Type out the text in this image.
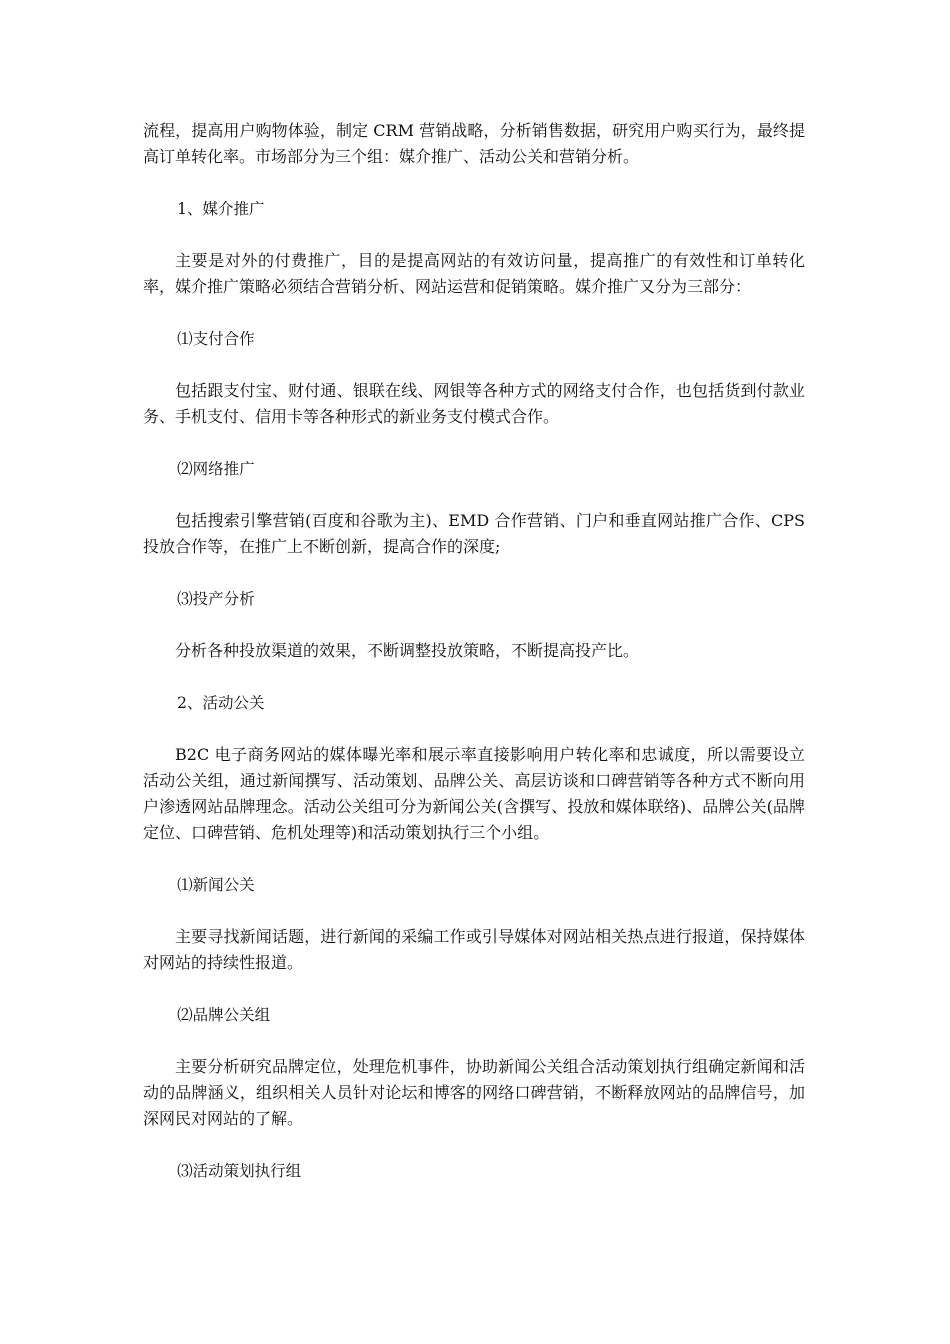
流程，提高用户购物体验，制定 CRM 营销战略，分析销售数据，研究用户购买行为，最终提高订单转化率。市场部分为三个组：媒介推广、活动公关和营销分析。

1、媒介推广

主要是对外的付费推广，目的是提高网站的有效访问量，提高推广的有效性和订单转化率，媒介推广策略必须结合营销分析、网站运营和促销策略。媒介推广又分为三部分：

⑴支付合作

包括跟支付宝、财付通、银联在线、网银等各种方式的网络支付合作，也包括货到付款业务、手机支付、信用卡等各种形式的新业务支付模式合作。

⑵网络推广

包括搜索引擎营销(百度和谷歌为主)、EMD 合作营销、门户和垂直网站推广合作、CPS 投放合作等，在推广上不断创新，提高合作的深度;

⑶投产分析

分析各种投放渠道的效果，不断调整投放策略，不断提高投产比。

2、活动公关

B2C 电子商务网站的媒体曝光率和展示率直接影响用户转化率和忠诚度，所以需要设立活动公关组，通过新闻撰写、活动策划、品牌公关、高层访谈和口碑营销等各种方式不断向用户渗透网站品牌理念。活动公关组可分为新闻公关(含撰写、投放和媒体联络)、品牌公关(品牌定位、口碑营销、危机处理等)和活动策划执行三个小组。

⑴新闻公关

主要寻找新闻话题，进行新闻的采编工作或引导媒体对网站相关热点进行报道，保持媒体对网站的持续性报道。

⑵品牌公关组

主要分析研究品牌定位，处理危机事件，协助新闻公关组合活动策划执行组确定新闻和活动的品牌涵义，组织相关人员针对论坛和博客的网络口碑营销，不断释放网站的品牌信号，加深网民对网站的了解。

⑶活动策划执行组
